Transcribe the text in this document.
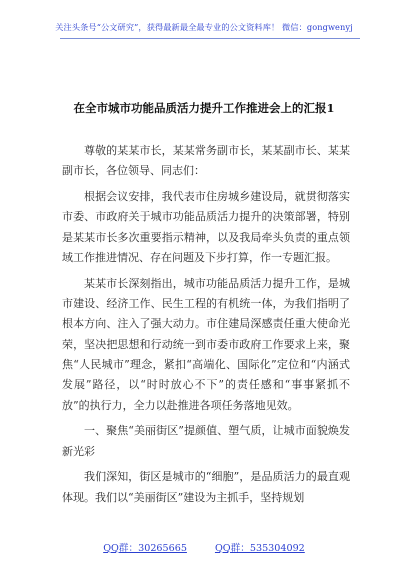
关注头条号“公文研究”，获得最新最全最专业的公文资料库！ 微信：gongwenyj
在全市城市功能品质活力提升工作推进会上的汇报1

尊敬的某某市长，某某常务副市长，某某副市长、某某副市长，各位领导、同志们：

根据会议安排，我代表市住房城乡建设局，就贯彻落实市委、市政府关于城市功能品质活力提升的决策部署，特别是某某市长多次重要指示精神，以及我局牵头负责的重点领域工作推进情况、存在问题及下步打算，作一专题汇报。

某某市长深刻指出，城市功能品质活力提升工作，是城市建设、经济工作、民生工程的有机统一体，为我们指明了根本方向、注入了强大动力。市住建局深感责任重大使命光荣，坚决把思想和行动统一到市委市政府工作要求上来，聚焦“人民城市”理念，紧扣“高端化、国际化”定位和“内涵式发展”路径，以“时时放心不下”的责任感和“事事紧抓不放”的执行力，全力以赴推进各项任务落地见效。

一、聚焦“美丽街区”提颜值、塑气质，让城市面貌焕发新光彩

我们深知，街区是城市的“细胞”，是品质活力的最直观体现。我们以“美丽街区”建设为主抓手，坚持规划

QQ群：30265665	QQ群：535304092
